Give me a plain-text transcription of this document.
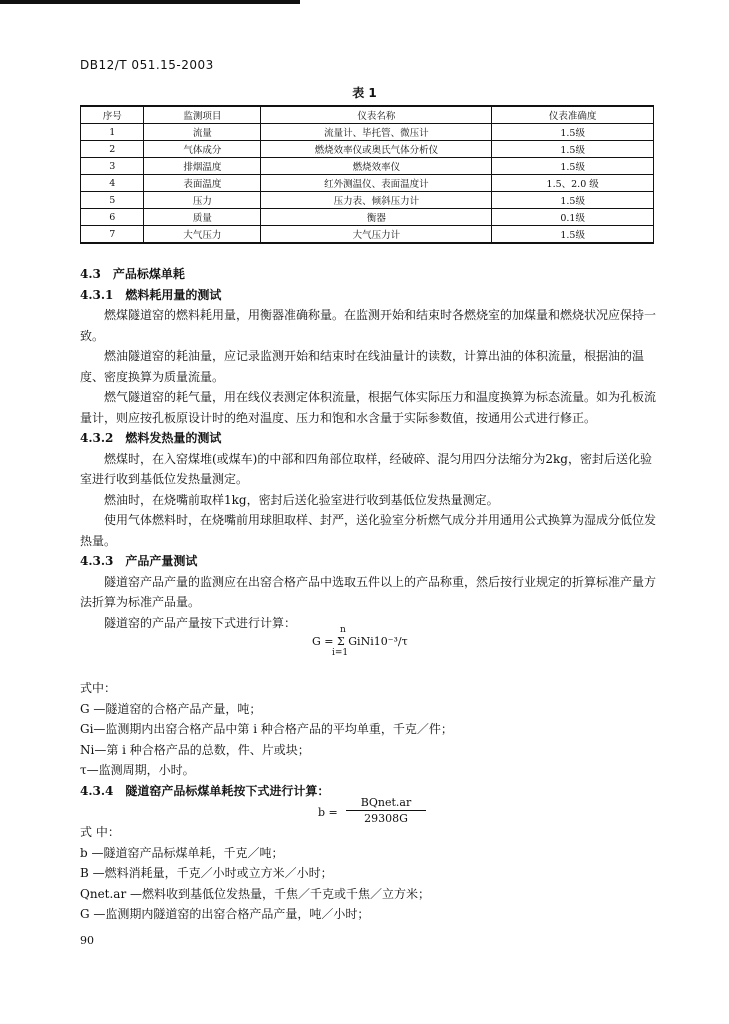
DB12/T 051.15-2003
表 1
序号	监测项目	仪表名称	仪表准确度
1	流量	流量计、毕托管、微压计	1.5级
2	气体成分	燃烧效率仪或奥氏气体分析仪	1.5级
3	排烟温度	燃烧效率仪	1.5级
4	表面温度	红外测温仪、表面温度计	1.5、2.0 级
5	压力	压力表、倾斜压力计	1.5级
6	质量	衡器	0.1级
7	大气压力	大气压力计	1.5级

4.3　产品标煤单耗

4.3.1　燃料耗用量的测试

燃煤隧道窑的燃料耗用量，用衡器准确称量。在监测开始和结束时各燃烧室的加煤量和燃烧状况应保持一致。

燃油隧道窑的耗油量，应记录监测开始和结束时在线油量计的读数，计算出油的体积流量，根据油的温度、密度换算为质量流量。

燃气隧道窑的耗气量，用在线仪表测定体积流量，根据气体实际压力和温度换算为标态流量。如为孔板流量计，则应按孔板原设计时的绝对温度、压力和饱和水含量于实际参数值，按通用公式进行修正。

4.3.2　燃料发热量的测试

燃煤时，在入窑煤堆(或煤车)的中部和四角部位取样，经破碎、混匀用四分法缩分为2kg，密封后送化验室进行收到基低位发热量测定。

燃油时，在烧嘴前取样1kg，密封后送化验室进行收到基低位发热量测定。

使用气体燃料时，在烧嘴前用球胆取样、封严，送化验室分析燃气成分并用通用公式换算为湿成分低位发热量。

4.3.3　产品产量测试

隧道窑产品产量的监测应在出窑合格产品中选取五件以上的产品称重，然后按行业规定的折算标准产量方法折算为标准产品量。

隧道窑的产品产量按下式进行计算：

n
G = Σ GiNi10⁻³/τ
i=1

式中：

G —隧道窑的合格产品产量，吨；

Gi—监测期内出窑合格产品中第 i 种合格产品的平均单重，千克／件；

Ni—第 i 种合格产品的总数，件、片或块；

τ—监测周期，小时。

4.3.4　隧道窑产品标煤单耗按下式进行计算：

b =
BQnet.ar
29308G

式 中：

b —隧道窑产品标煤单耗，千克／吨；

B —燃料消耗量，千克／小时或立方米／小时；

Qnet.ar —燃料收到基低位发热量，千焦／千克或千焦／立方米；

G —监测期内隧道窑的出窑合格产品产量，吨／小时；

90
